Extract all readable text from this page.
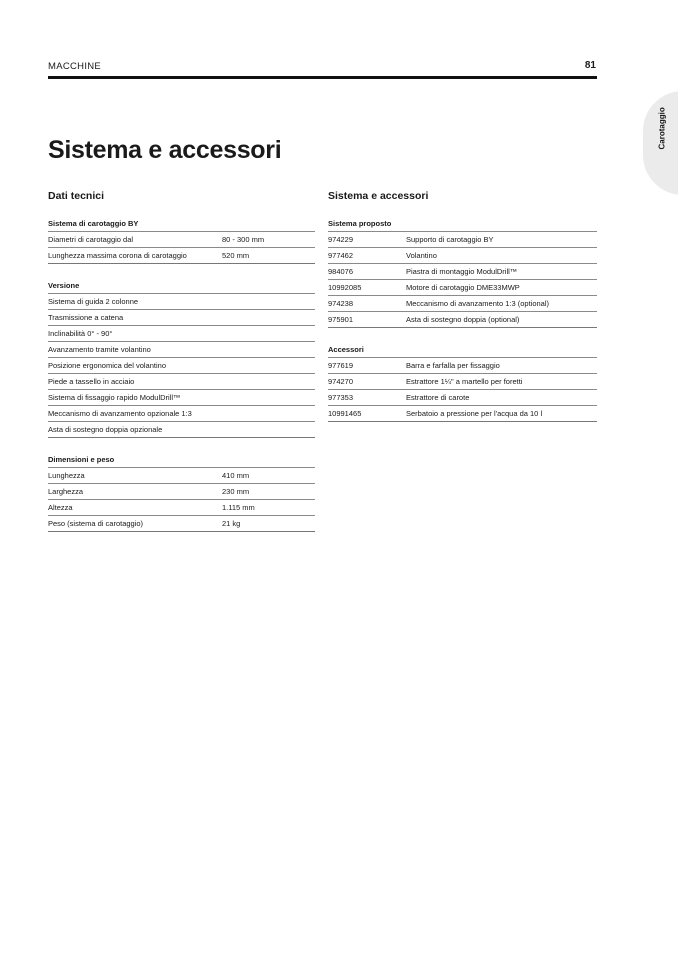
MACCHINE	81
Carotaggio
Sistema e accessori
Dati tecnici
Sistema di carotaggio BY
Diametri di carotaggio dal	80 - 300 mm
Lunghezza massima corona di carotaggio	520 mm
Versione
Sistema di guida 2 colonne
Trasmissione a catena
Inclinabilità 0° - 90°
Avanzamento tramite volantino
Posizione ergonomica del volantino
Piede a tassello in acciaio
Sistema di fissaggio rapido ModulDrill™
Meccanismo di avanzamento opzionale 1:3
Asta di sostegno doppia opzionale
Dimensioni e peso
Lunghezza	410 mm
Larghezza	230 mm
Altezza	1.115 mm
Peso (sistema di carotaggio)	21 kg
Sistema e accessori
Sistema proposto
974229	Supporto di carotaggio BY
977462	Volantino
984076	Piastra di montaggio ModulDrill™
10992085	Motore di carotaggio DME33MWP
974238	Meccanismo di avanzamento 1:3 (optional)
975901	Asta di sostegno doppia (optional)
Accessori
977619	Barra e farfalla per fissaggio
974270	Estrattore 1¼" a martello per foretti
977353	Estrattore di carote
10991465	Serbatoio a pressione per l'acqua da 10 l
